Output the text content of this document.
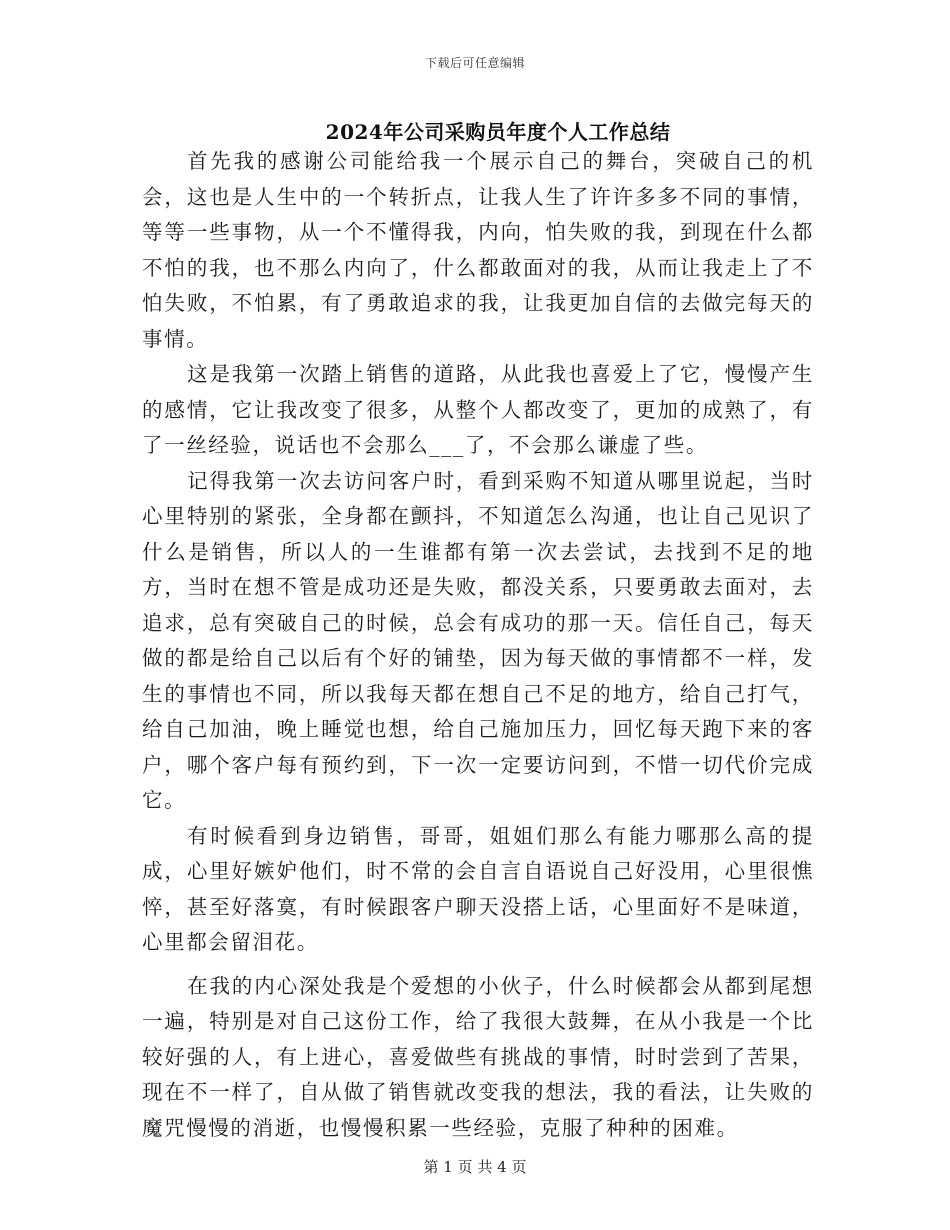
下载后可任意编辑
2024年公司采购员年度个人工作总结

首先我的感谢公司能给我一个展示自己的舞台，突破自己的机会，这也是人生中的一个转折点，让我人生了许许多多不同的事情，等等一些事物，从一个不懂得我，内向，怕失败的我，到现在什么都不怕的我，也不那么内向了，什么都敢面对的我，从而让我走上了不怕失败，不怕累，有了勇敢追求的我，让我更加自信的去做完每天的事情。

这是我第一次踏上销售的道路，从此我也喜爱上了它，慢慢产生的感情，它让我改变了很多，从整个人都改变了，更加的成熟了，有了一丝经验，说话也不会那么___了，不会那么谦虚了些。

记得我第一次去访问客户时，看到采购不知道从哪里说起，当时心里特别的紧张，全身都在颤抖，不知道怎么沟通，也让自己见识了什么是销售，所以人的一生谁都有第一次去尝试，去找到不足的地方，当时在想不管是成功还是失败，都没关系，只要勇敢去面对，去追求，总有突破自己的时候，总会有成功的那一天。信任自己，每天做的都是给自己以后有个好的铺垫，因为每天做的事情都不一样，发生的事情也不同，所以我每天都在想自己不足的地方，给自己打气，给自己加油，晚上睡觉也想，给自己施加压力，回忆每天跑下来的客户，哪个客户每有预约到，下一次一定要访问到，不惜一切代价完成它。

有时候看到身边销售，哥哥，姐姐们那么有能力哪那么高的提成，心里好嫉妒他们，时不常的会自言自语说自己好没用，心里很憔悴，甚至好落寞，有时候跟客户聊天没搭上话，心里面好不是味道，心里都会留泪花。

在我的内心深处我是个爱想的小伙子，什么时候都会从都到尾想一遍，特别是对自己这份工作，给了我很大鼓舞，在从小我是一个比较好强的人，有上进心，喜爱做些有挑战的事情，时时尝到了苦果，现在不一样了，自从做了销售就改变我的想法，我的看法，让失败的魔咒慢慢的消逝，也慢慢积累一些经验，克服了种种的困难。

第 1 页 共 4 页
